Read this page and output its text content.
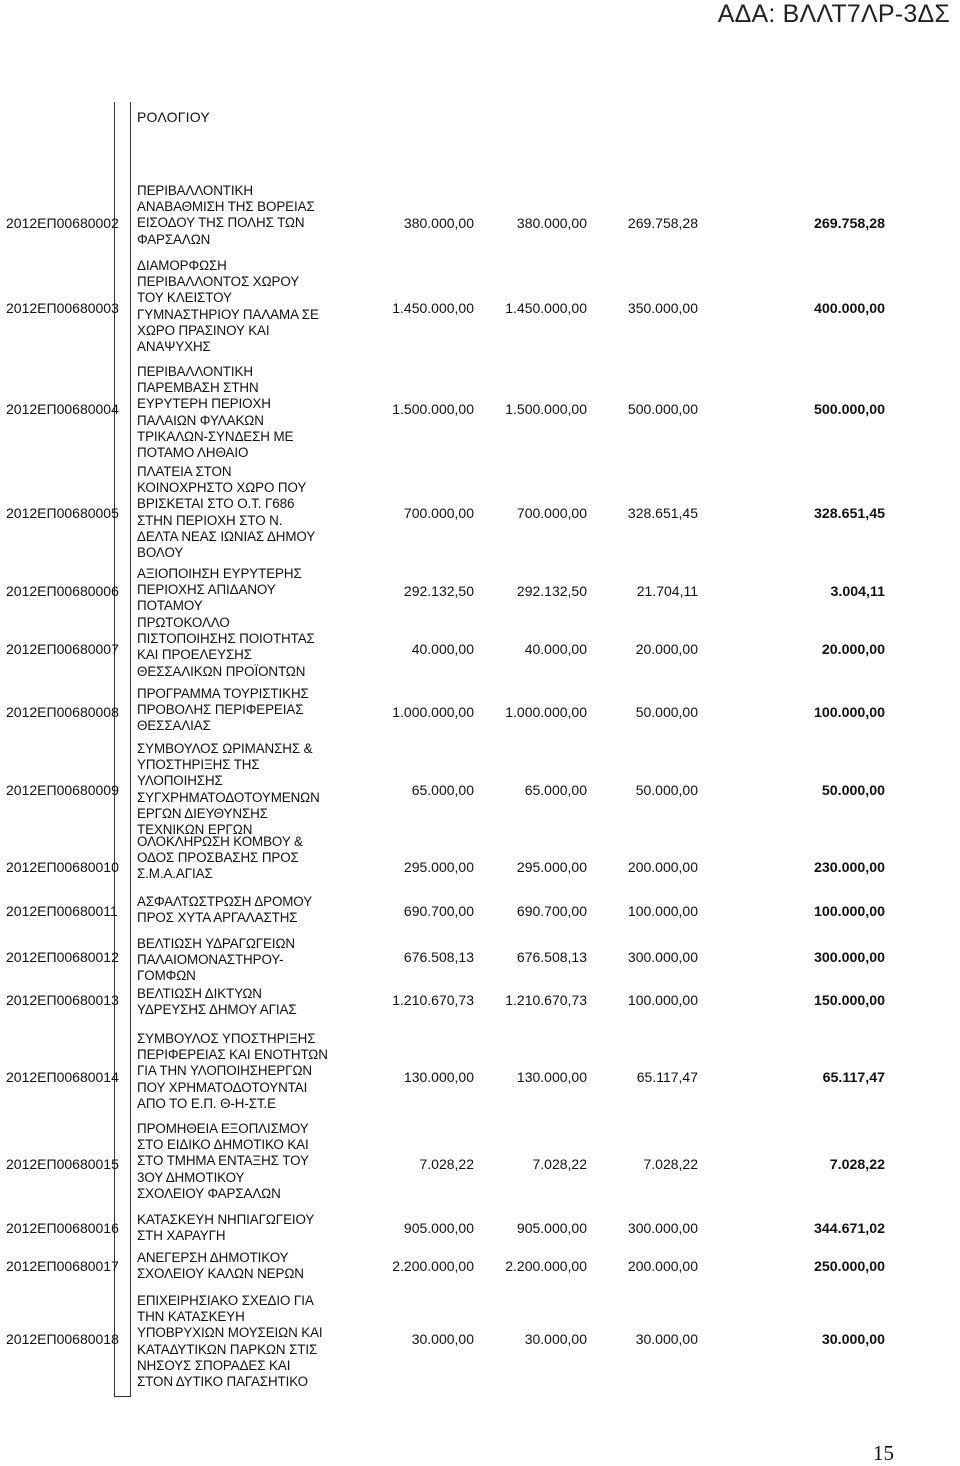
ΑΔΑ: ΒΛΛΤ7ΛΡ-3ΔΣ
ΡΟΛΟΓΙΟΥ
2012ΕΠ00680002
ΠΕΡΙΒΑΛΛΟΝΤΙΚΗ
ΑΝΑΒΑΘΜΙΣΗ ΤΗΣ ΒΟΡΕΙΑΣ
ΕΙΣΟΔΟΥ ΤΗΣ ΠΟΛΗΣ ΤΩΝ
ΦΑΡΣΑΛΩΝ
380.000,00	380.000,00	269.758,28	269.758,28
2012ΕΠ00680003
ΔΙΑΜΟΡΦΩΣΗ
ΠΕΡΙΒΑΛΛΟΝΤΟΣ ΧΩΡΟΥ
ΤΟΥ ΚΛΕΙΣΤΟΥ
ΓΥΜΝΑΣΤΗΡΙΟΥ ΠΑΛΑΜΑ ΣΕ
ΧΩΡΟ ΠΡΑΣΙΝΟΥ ΚΑΙ
ΑΝΑΨΥΧΗΣ
1.450.000,00 1.450.000,00	350.000,00	400.000,00
2012ΕΠ00680004
ΠΕΡΙΒΑΛΛΟΝΤΙΚΗ
ΠΑΡΕΜΒΑΣΗ ΣΤΗΝ
ΕΥΡΥΤΕΡΗ ΠΕΡΙΟΧΗ
ΠΑΛΑΙΩΝ ΦΥΛΑΚΩΝ
ΤΡΙΚΑΛΩΝ-ΣΥΝΔΕΣΗ ΜΕ
ΠΟΤΑΜΟ ΛΗΘΑΙΟ
1.500.000,00 1.500.000,00	500.000,00	500.000,00
2012ΕΠ00680005
ΠΛΑΤΕΙΑ ΣΤΟΝ
ΚΟΙΝΟΧΡΗΣΤΟ ΧΩΡΟ ΠΟΥ
ΒΡΙΣΚΕΤΑΙ ΣΤΟ Ο.Τ. Γ686
ΣΤΗΝ ΠΕΡΙΟΧΗ ΣΤΟ Ν.
ΔΕΛΤΑ ΝΕΑΣ ΙΩΝΙΑΣ ΔΗΜΟΥ
ΒΟΛΟΥ
700.000,00	700.000,00	328.651,45	328.651,45
2012ΕΠ00680006
ΑΞΙΟΠΟΙΗΣΗ ΕΥΡΥΤΕΡΗΣ
ΠΕΡΙΟΧΗΣ ΑΠΙΔΑΝΟΥ
ΠΟΤΑΜΟΥ
292.132,50	292.132,50	21.704,11	3.004,11
2012ΕΠ00680007
ΠΡΩΤΟΚΟΛΛΟ
ΠΙΣΤΟΠΟΙΗΣΗΣ ΠΟΙΟΤΗΤΑΣ
ΚΑΙ ΠΡΟΕΛΕΥΣΗΣ
ΘΕΣΣΑΛΙΚΩΝ ΠΡΟΪΟΝΤΩΝ
40.000,00	40.000,00	20.000,00	20.000,00
2012ΕΠ00680008
ΠΡΟΓΡΑΜΜΑ ΤΟΥΡΙΣΤΙΚΗΣ
ΠΡΟΒΟΛΗΣ ΠΕΡΙΦΕΡΕΙΑΣ
ΘΕΣΣΑΛΙΑΣ
1.000.000,00 1.000.000,00	50.000,00	100.000,00
2012ΕΠ00680009
ΣΥΜΒΟΥΛΟΣ ΩΡΙΜΑΝΣΗΣ &
ΥΠΟΣΤΗΡΙΞΗΣ ΤΗΣ
ΥΛΟΠΟΙΗΣΗΣ
ΣΥΓΧΡΗΜΑΤΟΔΟΤΟΥΜΕΝΩΝ
ΕΡΓΩΝ ΔΙΕΥΘΥΝΣΗΣ
ΤΕΧΝΙΚΩΝ ΕΡΓΩΝ
65.000,00	65.000,00	50.000,00	50.000,00
2012ΕΠ00680010
ΟΛΟΚΛΗΡΩΣΗ ΚΟΜΒΟΥ &
ΟΔΟΣ ΠΡΟΣΒΑΣΗΣ ΠΡΟΣ
Σ.Μ.Α.ΑΓΙΑΣ	295.000,00	295.000,00	200.000,00	230.000,00
2012ΕΠ00680011
ΑΣΦΑΛΤΩΣΤΡΩΣΗ ΔΡΟΜΟΥ
ΠΡΟΣ ΧΥΤΑ ΑΡΓΑΛΑΣΤΗΣ	690.700,00	690.700,00	100.000,00	100.000,00
2012ΕΠ00680012
ΒΕΛΤΙΩΣΗ ΥΔΡΑΓΩΓΕΙΩΝ
ΠΑΛΑΙΟΜΟΝΑΣΤΗΡΟΥ-
ΓΟΜΦΩΝ
676.508,13	676.508,13	300.000,00	300.000,00
2012ΕΠ00680013	ΒΕΛΤΙΩΣΗ ΔΙΚΤΥΩΝ
ΥΔΡΕΥΣΗΣ ΔΗΜΟΥ ΑΓΙΑΣ
1.210.670,73 1.210.670,73	100.000,00	150.000,00
2012ΕΠ00680014
ΣΥΜΒΟΥΛΟΣ ΥΠΟΣΤΗΡΙΞΗΣ
ΠΕΡΙΦΕΡΕΙΑΣ ΚΑΙ ΕΝΟΤΗΤΩΝ
ΓΙΑ ΤΗΝ ΥΛΟΠΟΙΗΣΗΕΡΓΩΝ
ΠΟΥ ΧΡΗΜΑΤΟΔΟΤΟΥΝΤΑΙ
ΑΠΟ ΤΟ Ε.Π. Θ-Η-ΣΤ.Ε
130.000,00	130.000,00	65.117,47	65.117,47
2012ΕΠ00680015
ΠΡΟΜΗΘΕΙΑ ΕΞΟΠΛΙΣΜΟΥ
ΣΤΟ ΕΙΔΙΚΟ ΔΗΜΟΤΙΚΟ ΚΑΙ
ΣΤΟ ΤΜΗΜΑ ΕΝΤΑΞΗΣ ΤΟΥ
3ΟΥ ΔΗΜΟΤΙΚΟΥ
ΣΧΟΛΕΙΟΥ ΦΑΡΣΑΛΩΝ
7.028,22	7.028,22	7.028,22	7.028,22
2012ΕΠ00680016
ΚΑΤΑΣΚΕΥΗ ΝΗΠΙΑΓΩΓΕΙΟΥ
ΣΤΗ ΧΑΡΑΥΓΗ	905.000,00	905.000,00	300.000,00	344.671,02
2012ΕΠ00680017
ΑΝΕΓΕΡΣΗ ΔΗΜΟΤΙΚΟΥ
ΣΧΟΛΕΙΟΥ ΚΑΛΩΝ ΝΕΡΩΝ	2.200.000,00 2.200.000,00	200.000,00	250.000,00
2012ΕΠ00680018
ΕΠΙΧΕΙΡΗΣΙΑΚΟ ΣΧΕΔΙΟ ΓΙΑ
ΤΗΝ ΚΑΤΑΣΚΕΥΗ
ΥΠΟΒΡΥΧΙΩΝ ΜΟΥΣΕΙΩΝ ΚΑΙ
ΚΑΤΑΔΥΤΙΚΩΝ ΠΑΡΚΩΝ ΣΤΙΣ
ΝΗΣΟΥΣ ΣΠΟΡΑΔΕΣ ΚΑΙ
ΣΤΟΝ ΔΥΤΙΚΟ ΠΑΓΑΣΗΤΙΚΟ
30.000,00	30.000,00	30.000,00	30.000,00
15
